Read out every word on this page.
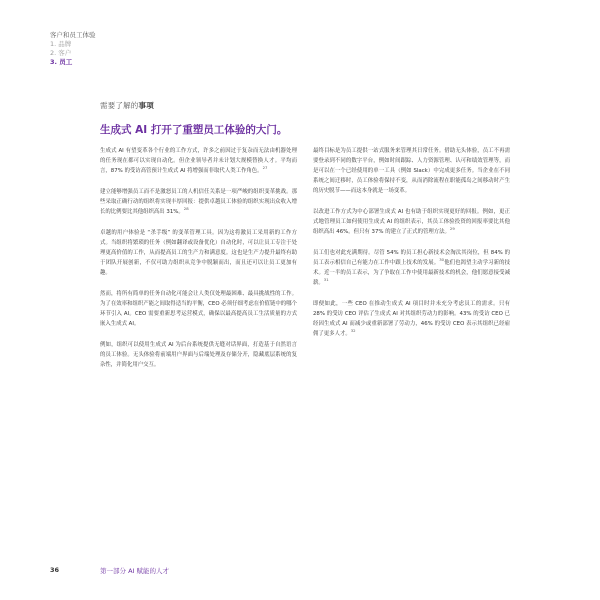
客户和员工体验
1. 品牌
2. 客户
3. 员工
需要了解的事项
生成式 AI 打开了重塑员工体验的大门。

生成式 AI 有望变革各个行业的工作方式，许多之前因过于复杂而无法由机器处理的任务现在都可以实现自动化。但企业领导者并未计划大规模替换人才。平均而言，87% 的受访高管预计生成式 AI 将增强而非取代人类工作角色。$^{27}$

建立能够增强员工而不是激怒员工的人机信任关系是一项严峻的组织变革挑战。那些采取正确行动的组织将实现丰厚回报：提供卓越员工体验的组织实现出众收入增长的比例要比其他组织高出 31%。$^{28}$

卓越的用户体验是 “杀手级” 的变革管理工具。因为这将激员工采用新的工作方式。当组织将繁琐的任务（例如翻译或设备优化）自动化时，可以让员工专注于处理更高价值的工作，从而提高员工的生产力和满意度。这也是生产力提升最终有助于团队开展创新，不仅可助力组织从竞争中脱颖而出，而且还可以让员工更加有趣。

然而，将所有简单的任务自动化可能会让人类仅处理最困难、最具挑战性的工作。为了在效率和组织产能之间取得适当的平衡，CEO 必须仔细考虑在价值链中的哪个环节引入 AI。CEO 需要重新思考运营模式，确保以最高提高员工生活质量的方式嵌入生成式 AI。

例如，组织可以使用生成式 AI 为后台系统提供无缝对话界面，打造基于自然语言的员工体验。无头体验将前端用户界面与后端处理及存储分开，隐藏底层系统的复杂性，并简化用户交互。

最终目标是为员工提供一站式服务来管理其日常任务。借助无头体验，员工不再需要登录到不同的数字平台，例如时间跟踪、人力资源管理、认可和绩效管理等，而是可以在一个已经使用的单一工具（例如 Slack）中完成更多任务。当企业在不同系统之间迁移时，员工体验将保持不变，从而消除流程在职能孤岛之间移动时产生的历史脱节——而这本身就是一场变革。

以改进工作方式为中心部署生成式 AI 也有助于组织实现更好的回报。例如，更正式地管理员工如何使用生成式 AI 的组织表示，其员工体验投资的回报率要比其他组织高出 46%。但只有 37% 的建立了正式的管理方法。$^{29}$

员工们也对此充满期待。尽管 54% 的员工担心新技术会淘汰其岗位，但 84% 的员工表示相信自己有能力在工作中跟上技术的发展。$^{30}$他们也渴望主动学习新的技术。近一半的员工表示，为了争取在工作中使用最新技术的机会，他们愿意接受减薪。$^{31}$

即便如此，一些 CEO 在推动生成式 AI 项目时并未充分考虑员工的需求。只有 28% 的受访 CEO 评估了生成式 AI 对其组织劳动力的影响。43% 的受访 CEO 已经因生成式 AI 而减少或重新部署了劳动力，46% 的受访 CEO 表示其组织已经雇佣了更多人才。$^{32}$

36	第一部分 AI 赋能的人才
